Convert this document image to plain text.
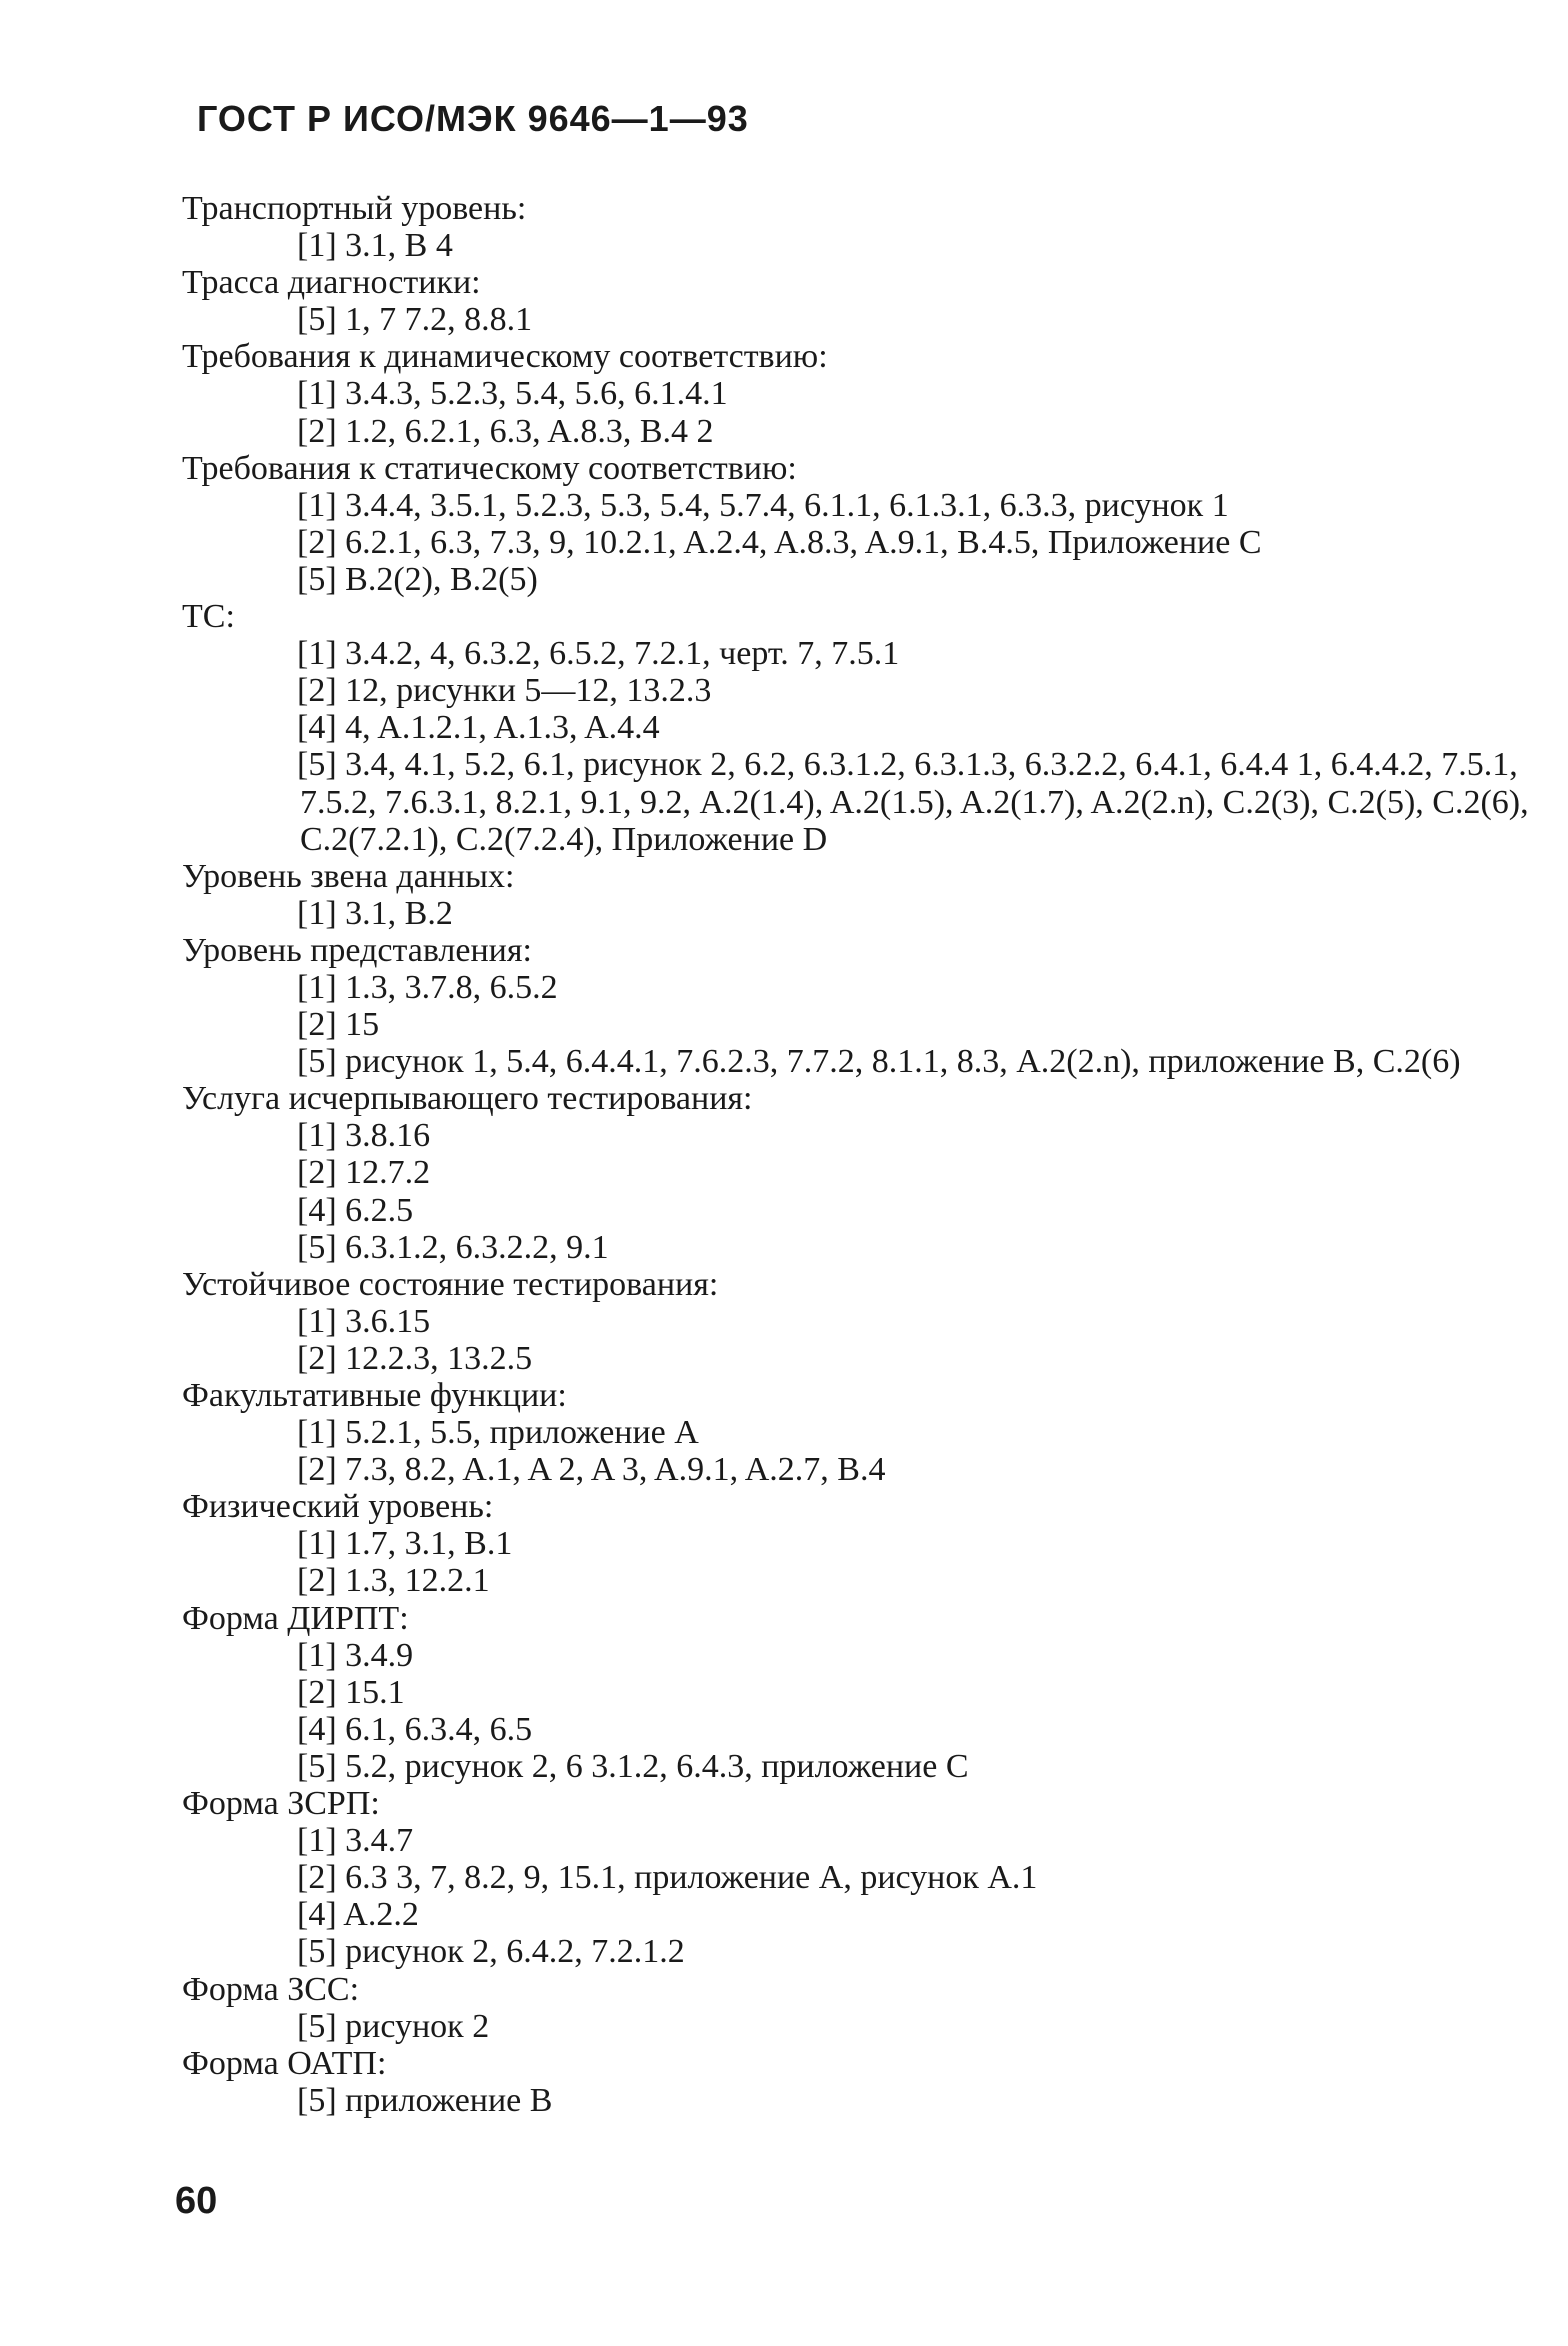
ГОСТ Р ИСО/МЭК 9646—1—93
Транспортный уровень:
[1] 3.1, B 4
Трасса диагностики:
[5] 1, 7 7.2, 8.8.1
Требования к динамическому соответствию:
[1] 3.4.3, 5.2.3, 5.4, 5.6, 6.1.4.1
[2] 1.2, 6.2.1, 6.3, A.8.3, B.4 2
Требования к статическому соответствию:
[1] 3.4.4, 3.5.1, 5.2.3, 5.3, 5.4, 5.7.4, 6.1.1, 6.1.3.1, 6.3.3, рисунок 1
[2] 6.2.1, 6.3, 7.3, 9, 10.2.1, A.2.4, A.8.3, A.9.1, B.4.5, Приложение C
[5] B.2(2), B.2(5)
TC:
[1] 3.4.2, 4, 6.3.2, 6.5.2, 7.2.1, черт. 7, 7.5.1
[2] 12, рисунки 5—12, 13.2.3
[4] 4, A.1.2.1, A.1.3, A.4.4
[5] 3.4, 4.1, 5.2, 6.1, рисунок 2, 6.2, 6.3.1.2, 6.3.1.3, 6.3.2.2, 6.4.1, 6.4.4 1, 6.4.4.2, 7.5.1, 7.5.2, 7.6.3.1, 8.2.1, 9.1, 9.2, A.2(1.4), A.2(1.5), A.2(1.7), A.2(2.n), C.2(3), C.2(5), C.2(6), C.2(7.2.1), C.2(7.2.4), Приложение D
Уровень звена данных:
[1] 3.1, B.2
Уровень представления:
[1] 1.3, 3.7.8, 6.5.2
[2] 15
[5] рисунок 1, 5.4, 6.4.4.1, 7.6.2.3, 7.7.2, 8.1.1, 8.3, A.2(2.n), приложение B, C.2(6)
Услуга исчерпывающего тестирования:
[1] 3.8.16
[2] 12.7.2
[4] 6.2.5
[5] 6.3.1.2, 6.3.2.2, 9.1
Устойчивое состояние тестирования:
[1] 3.6.15
[2] 12.2.3, 13.2.5
Факультативные функции:
[1] 5.2.1, 5.5, приложение A
[2] 7.3, 8.2, A.1, A 2, A 3, A.9.1, A.2.7, B.4
Физический уровень:
[1] 1.7, 3.1, B.1
[2] 1.3, 12.2.1
Форма ДИРПТ:
[1] 3.4.9
[2] 15.1
[4] 6.1, 6.3.4, 6.5
[5] 5.2, рисунок 2, 6 3.1.2, 6.4.3, приложение C
Форма ЗСРП:
[1] 3.4.7
[2] 6.3 3, 7, 8.2, 9, 15.1, приложение A, рисунок A.1
[4] A.2.2
[5] рисунок 2, 6.4.2, 7.2.1.2
Форма ЗСС:
[5] рисунок 2
Форма ОАТП:
[5] приложение B
60
